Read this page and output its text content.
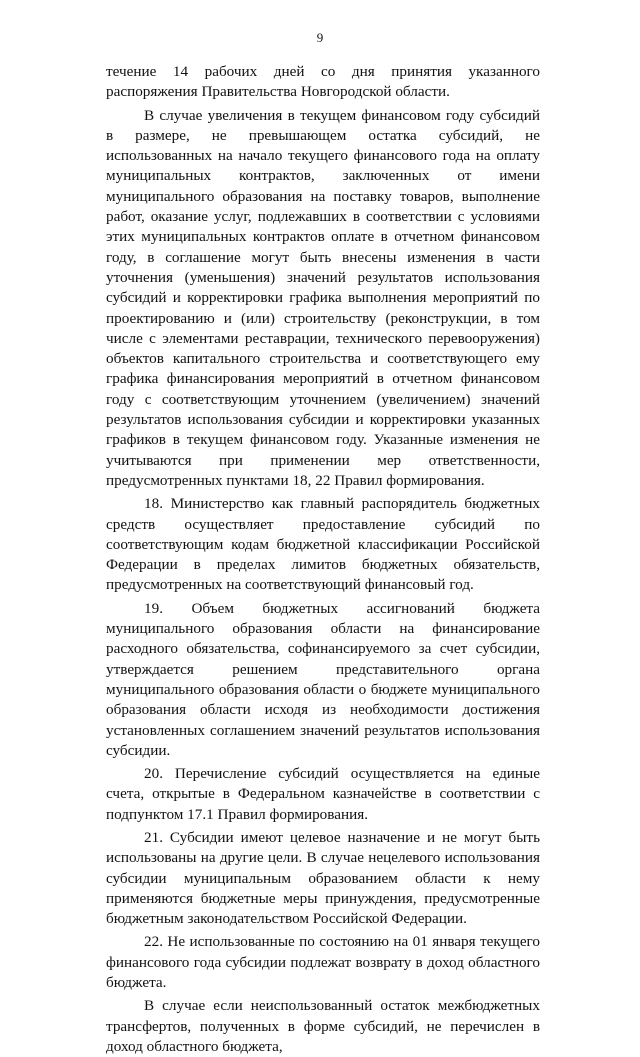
9

течение 14 рабочих дней со дня принятия указанного распоряжения Правительства Новгородской области.

В случае увеличения в текущем финансовом году субсидий в размере, не превышающем остатка субсидий, не использованных на начало текущего финансового года на оплату муниципальных контрактов, заключенных от имени муниципального образования на поставку товаров, выполнение работ, оказание услуг, подлежавших в соответствии с условиями этих муниципальных контрактов оплате в отчетном финансовом году, в соглашение могут быть внесены изменения в части уточнения (уменьшения) значений результатов использования субсидий и корректировки графика выполнения мероприятий по проектированию и (или) строительству (реконструкции, в том числе с элементами реставрации, технического перевооружения) объектов капитального строительства и соответствующего ему графика финансирования мероприятий в отчетном финансовом году с соответствующим уточнением (увеличением) значений результатов использования субсидии и корректировки указанных графиков в текущем финансовом году. Указанные изменения не учитываются при применении мер ответственности, предусмотренных пунктами 18, 22 Правил формирования.

18. Министерство как главный распорядитель бюджетных средств осуществляет предоставление субсидий по соответствующим кодам бюджетной классификации Российской Федерации в пределах лимитов бюджетных обязательств, предусмотренных на соответствующий финансовый год.

19. Объем бюджетных ассигнований бюджета муниципального образования области на финансирование расходного обязательства, софинансируемого за счет субсидии, утверждается решением представительного органа муниципального образования области о бюджете муниципального образования области исходя из необходимости достижения установленных соглашением значений результатов использования субсидии.

20. Перечисление субсидий осуществляется на единые счета, открытые в Федеральном казначействе в соответствии с подпунктом 17.1 Правил формирования.

21. Субсидии имеют целевое назначение и не могут быть использованы на другие цели. В случае нецелевого использования субсидии муниципальным образованием области к нему применяются бюджетные меры принуждения, предусмотренные бюджетным законодательством Российской Федерации.

22. Не использованные по состоянию на 01 января текущего финансового года субсидии подлежат возврату в доход областного бюджета.

В случае если неиспользованный остаток межбюджетных трансфертов, полученных в форме субсидий, не перечислен в доход областного бюджета,
